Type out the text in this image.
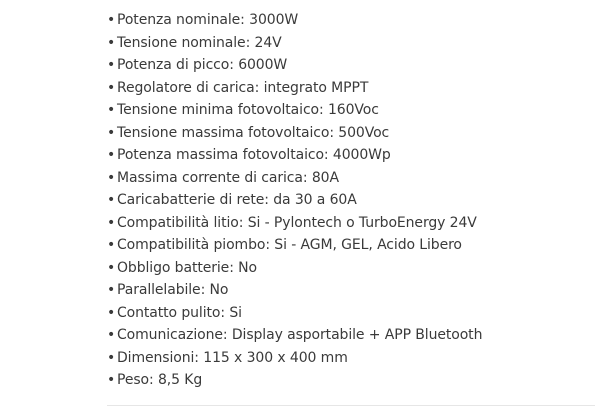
• Potenza nominale: 3000W
• Tensione nominale: 24V
• Potenza di picco: 6000W
• Regolatore di carica: integrato MPPT
• Tensione minima fotovoltaico: 160Voc
• Tensione massima fotovoltaico: 500Voc
• Potenza massima fotovoltaico: 4000Wp
• Massima corrente di carica: 80A
• Caricabatterie di rete: da 30 a 60A
• Compatibilità litio: Si - Pylontech o TurboEnergy 24V
• Compatibilità piombo: Si - AGM, GEL, Acido Libero
• Obbligo batterie: No
• Parallelabile: No
• Contatto pulito: Si
• Comunicazione: Display asportabile + APP Bluetooth
• Dimensioni: 115 x 300 x 400 mm
• Peso: 8,5 Kg
